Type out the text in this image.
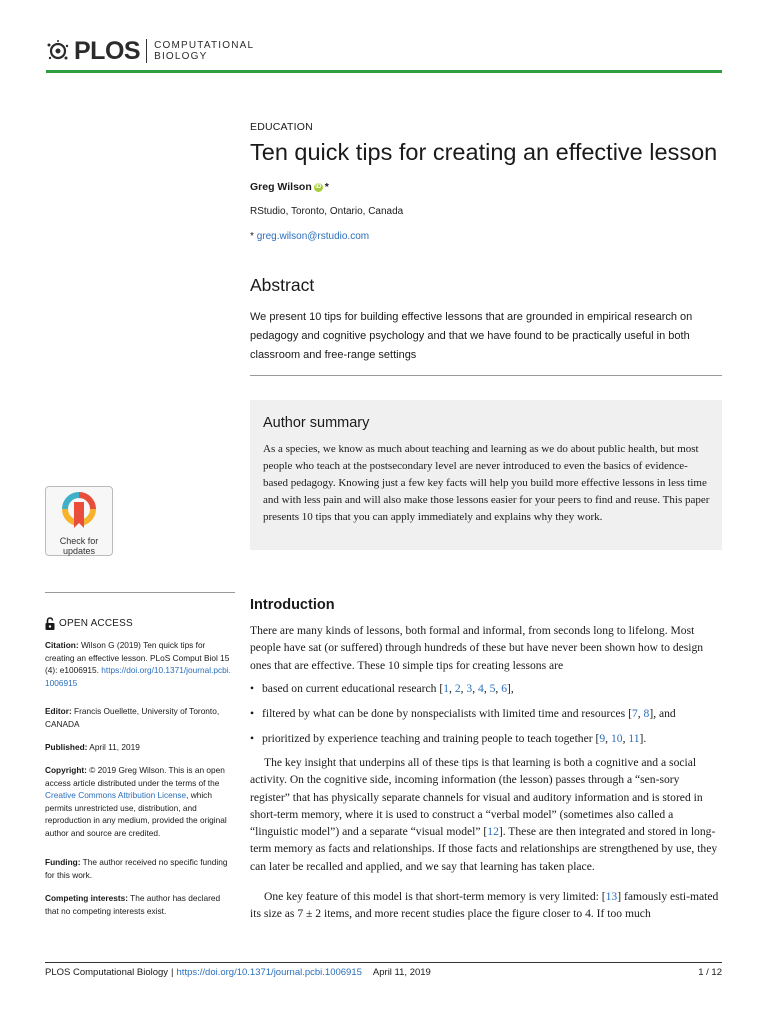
PLOS COMPUTATIONAL
BIOLOGY
EDUCATION
Ten quick tips for creating an effective lesson
Greg Wilson iD *
RStudio, Toronto, Ontario, Canada
* greg.wilson@rstudio.com
Abstract

We present 10 tips for building effective lessons that are grounded in empirical research on pedagogy and cognitive psychology and that we have found to be practically useful in both classroom and free-range settings

Author summary

As a species, we know as much about teaching and learning as we do about public health, but most people who teach at the postsecondary level are never introduced to even the basics of evidence-based pedagogy. Knowing just a few key facts will help you build more effective lessons in less time and with less pain and will also make those lessons easier for your peers to find and reuse. This paper presents 10 tips that you can apply immediately and explains why they work.

Check for
updates
OPEN ACCESS
Citation: Wilson G (2019) Ten quick tips for creating an effective lesson. PLoS Comput Biol 15 (4): e1006915. https://doi.org/10.1371/journal.pcbi.1006915
Editor: Francis Ouellette, University of Toronto, CANADA
Published: April 11, 2019
Copyright: © 2019 Greg Wilson. This is an open access article distributed under the terms of the Creative Commons Attribution License, which permits unrestricted use, distribution, and reproduction in any medium, provided the original author and source are credited.
Funding: The author received no specific funding for this work.
Competing interests: The author has declared that no competing interests exist.
Introduction

There are many kinds of lessons, both formal and informal, from seconds long to lifelong. Most people have sat (or suffered) through hundreds of these but have never been shown how to design ones that are effective. These 10 simple tips for creating lessons are

• based on current educational research [1, 2, 3, 4, 5, 6],
• filtered by what can be done by nonspecialists with limited time and resources [7, 8], and
• prioritized by experience teaching and training people to teach together [9, 10, 11].

The key insight that underpins all of these tips is that learning is both a cognitive and a social activity. On the cognitive side, incoming information (the lesson) passes through a “sen-sory register” that has physically separate channels for visual and auditory information and is stored in short-term memory, where it is used to construct a “verbal model” (sometimes also called a “linguistic model”) and a separate “visual model” [12]. These are then integrated and stored in long-term memory as facts and relationships. If those facts and relationships are strengthened by use, they can later be recalled and applied, and we say that learning has taken place.

One key feature of this model is that short-term memory is very limited: [13] famously esti-mated its size as 7 ± 2 items, and more recent studies place the figure closer to 4. If too much

PLOS Computational Biology | https://doi.org/10.1371/journal.pcbi.1006915 April 11, 2019	1 / 12
